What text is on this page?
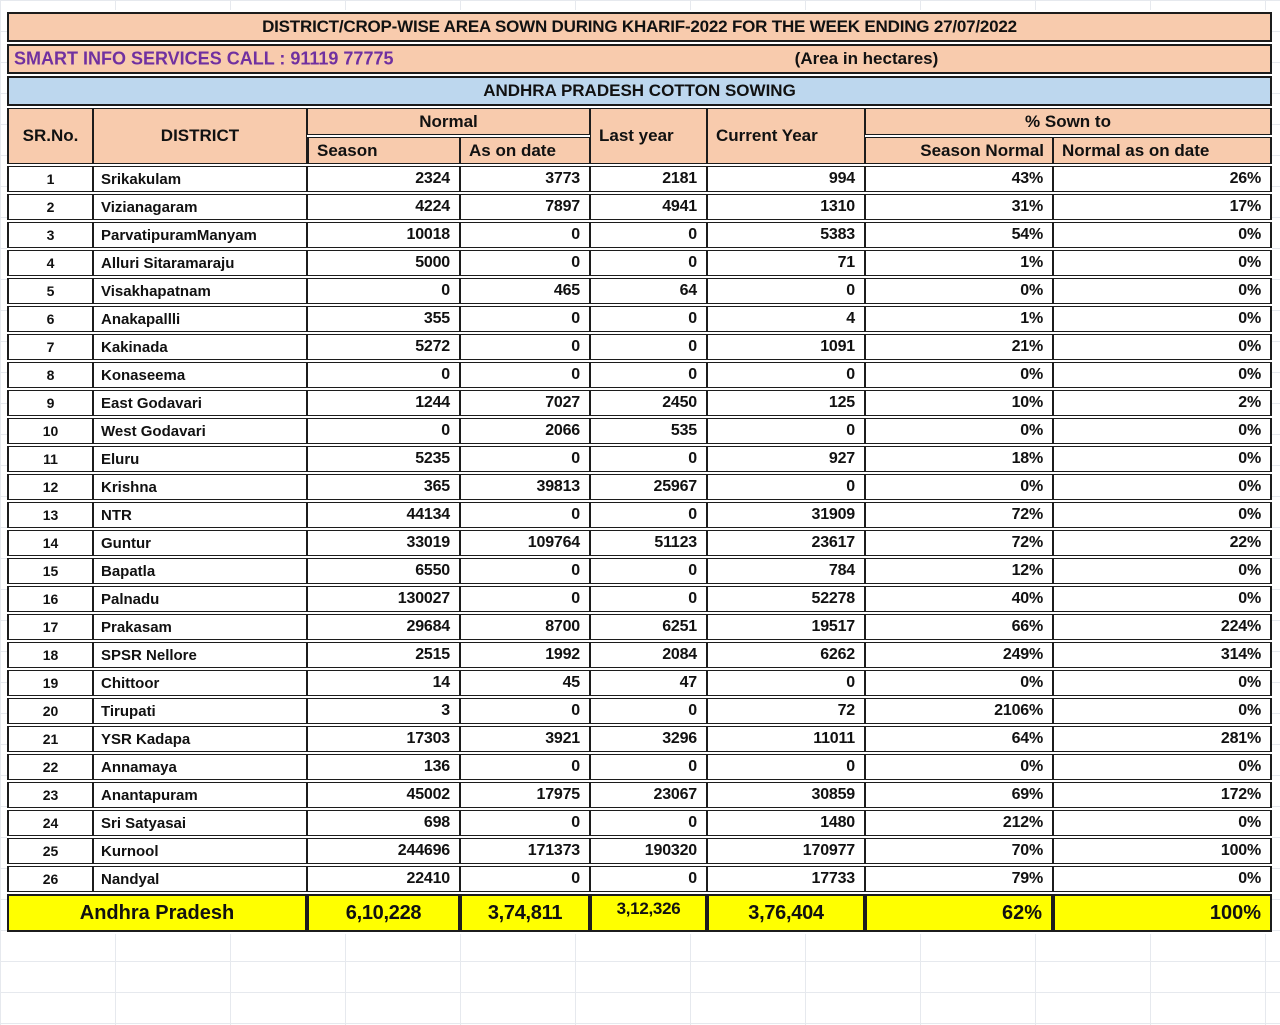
DISTRICT/CROP-WISE AREA SOWN DURING KHARIF-2022 FOR THE WEEK ENDING 27/07/2022							

SMART INFO SERVICES CALL : 91119 77775 (Area in hectares)							

ANDHRA PRADESH COTTON SOWING							
SR.No.	DISTRICT	Normal		Last year	Current Year	% Sown to	
		Season	As on date			Season Normal	Normal as on date
1	Srikakulam	2324	3773	2181	994	43%	26%
2	Vizianagaram	4224	7897	4941	1310	31%	17%
3	ParvatipuramManyam	10018	0	0	5383	54%	0%
4	Alluri Sitaramaraju	5000	0	0	71	1%	0%
5	Visakhapatnam	0	465	64	0	0%	0%
6	Anakapallli	355	0	0	4	1%	0%
7	Kakinada	5272	0	0	1091	21%	0%
8	Konaseema	0	0	0	0	0%	0%
9	East Godavari	1244	7027	2450	125	10%	2%
10	West Godavari	0	2066	535	0	0%	0%
11	Eluru	5235	0	0	927	18%	0%
12	Krishna	365	39813	25967	0	0%	0%
13	NTR	44134	0	0	31909	72%	0%
14	Guntur	33019	109764	51123	23617	72%	22%
15	Bapatla	6550	0	0	784	12%	0%
16	Palnadu	130027	0	0	52278	40%	0%
17	Prakasam	29684	8700	6251	19517	66%	224%
18	SPSR Nellore	2515	1992	2084	6262	249%	314%
19	Chittoor	14	45	47	0	0%	0%
20	Tirupati	3	0	0	72	2106%	0%
21	YSR Kadapa	17303	3921	3296	11011	64%	281%
22	Annamaya	136	0	0	0	0%	0%
23	Anantapuram	45002	17975	23067	30859	69%	172%
24	Sri Satyasai	698	0	0	1480	212%	0%
25	Kurnool	244696	171373	190320	170977	70%	100%
26	Nandyal	22410	0	0	17733	79%	0%
Andhra Pradesh		6,10,228	3,74,811	3,12,326	3,76,404	62%	100%
